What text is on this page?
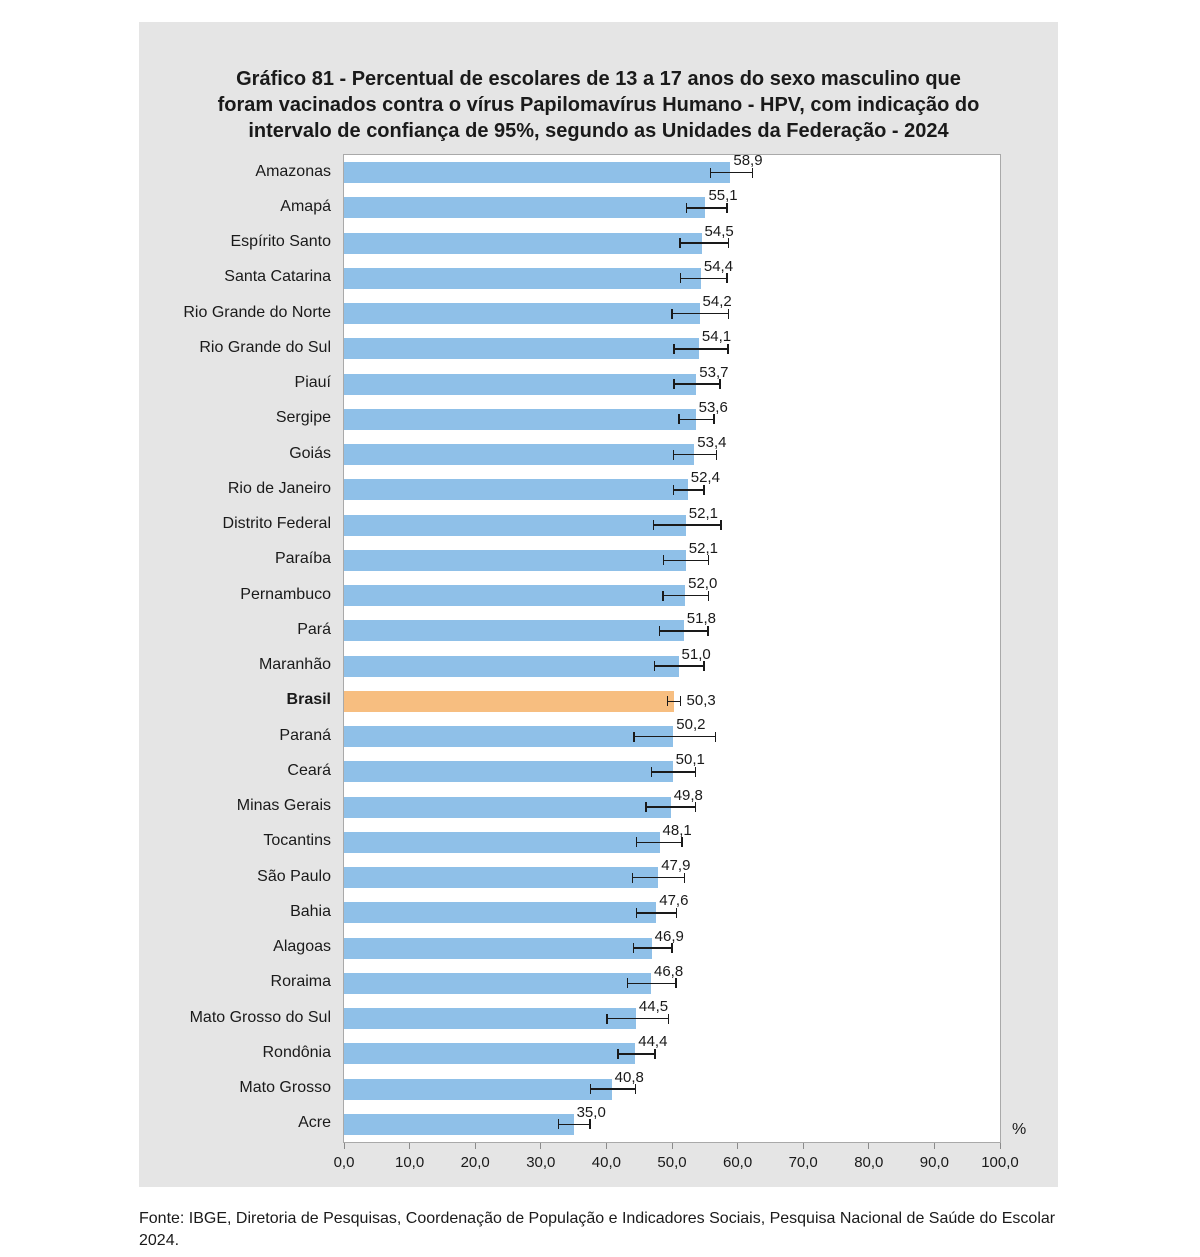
Gráfico 81 - Percentual de escolares de 13 a 17 anos do sexo masculino que
foram vacinados contra o vírus Papilomavírus Humano - HPV, com indicação do
intervalo de confiança de 95%, segundo as Unidades da Federação - 2024
58,9
55,1
54,5
54,4
54,2
54,1
53,7
53,6
53,4
52,4
52,1
52,1
52,0
51,8
51,0
50,3
50,2
50,1
49,8
48,1
47,9
47,6
46,9
46,8
44,5
44,4
40,8
35,0
%
Amazonas
Amapá
Espírito Santo
Santa Catarina
Rio Grande do Norte
Rio Grande do Sul
Piauí
Sergipe
Goiás
Rio de Janeiro
Distrito Federal
Paraíba
Pernambuco
Pará
Maranhão
Brasil
Paraná
Ceará
Minas Gerais
Tocantins
São Paulo
Bahia
Alagoas
Roraima
Mato Grosso do Sul
Rondônia
Mato Grosso
Acre
0,0	10,0	20,0	30,0	40,0	50,0	60,0	70,0	80,0	90,0	100,0
Fonte: IBGE, Diretoria de Pesquisas, Coordenação de População e Indicadores Sociais, Pesquisa Nacional de Saúde do Escolar 2024.
